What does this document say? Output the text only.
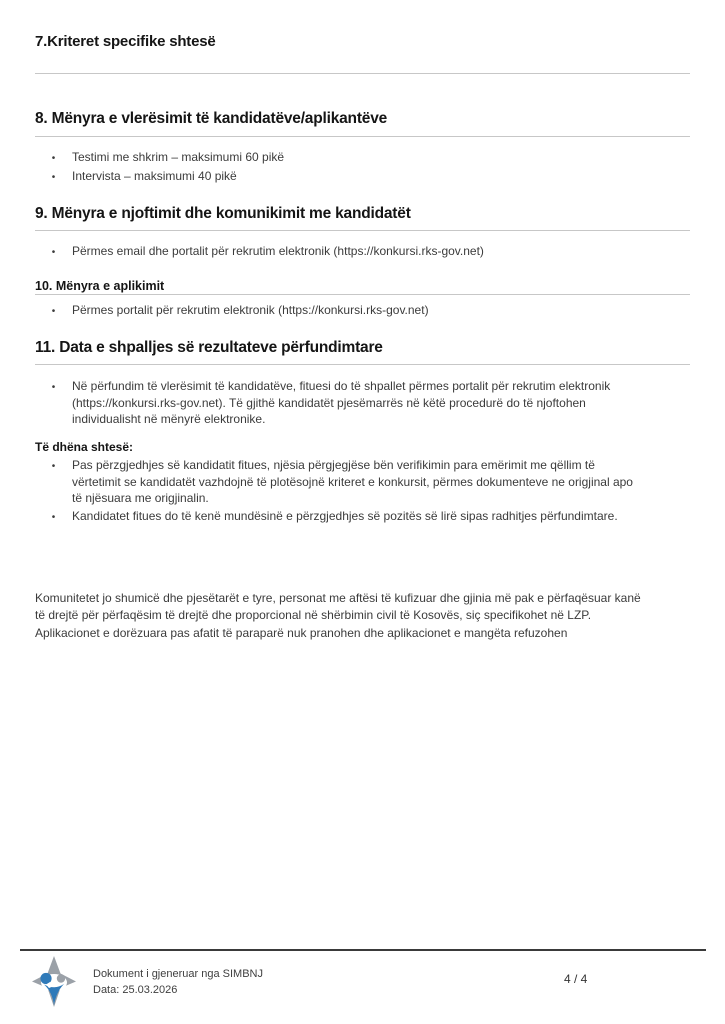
7.Kriteret specifike shtesë
8. Mënyra e vlerësimit të kandidatëve/aplikantëve
•
Testimi me shkrim – maksimumi 60 pikë
•
Intervista – maksimumi 40 pikë
9. Mënyra e njoftimit dhe komunikimit me kandidatët
•
Përmes email dhe portalit për rekrutim elektronik (https://konkursi.rks-gov.net)
10. Mënyra e aplikimit
•
Përmes portalit për rekrutim elektronik (https://konkursi.rks-gov.net)
11. Data e shpalljes së rezultateve përfundimtare
•
Në përfundim të vlerësimit të kandidatëve, fituesi do të shpallet përmes portalit për rekrutim elektronik
(https://konkursi.rks-gov.net). Të gjithë kandidatët pjesëmarrës në këtë procedurë do të njoftohen
individualisht në mënyrë elektronike.
Të dhëna shtesë:
•
Pas përzgjedhjes së kandidatit fitues, njësia përgjegjëse bën verifikimin para emërimit me qëllim të
vërtetimit se kandidatët vazhdojnë të plotësojnë kriteret e konkursit, përmes dokumenteve ne origjinal apo
të njësuara me origjinalin.
•
Kandidatet fitues do të kenë mundësinë e përzgjedhjes së pozitës së lirë sipas radhitjes përfundimtare.
Komunitetet jo shumicë dhe pjesëtarët e tyre, personat me aftësi të kufizuar dhe gjinia më pak e përfaqësuar kanë
të drejtë për përfaqësim të drejtë dhe proporcional në shërbimin civil të Kosovës, siç specifikohet në LZP.
Aplikacionet e dorëzuara pas afatit të paraparë nuk pranohen dhe aplikacionet e mangëta refuzohen
Dokument i gjeneruar nga SIMBNJ
Data: 25.03.2026
4 / 4
